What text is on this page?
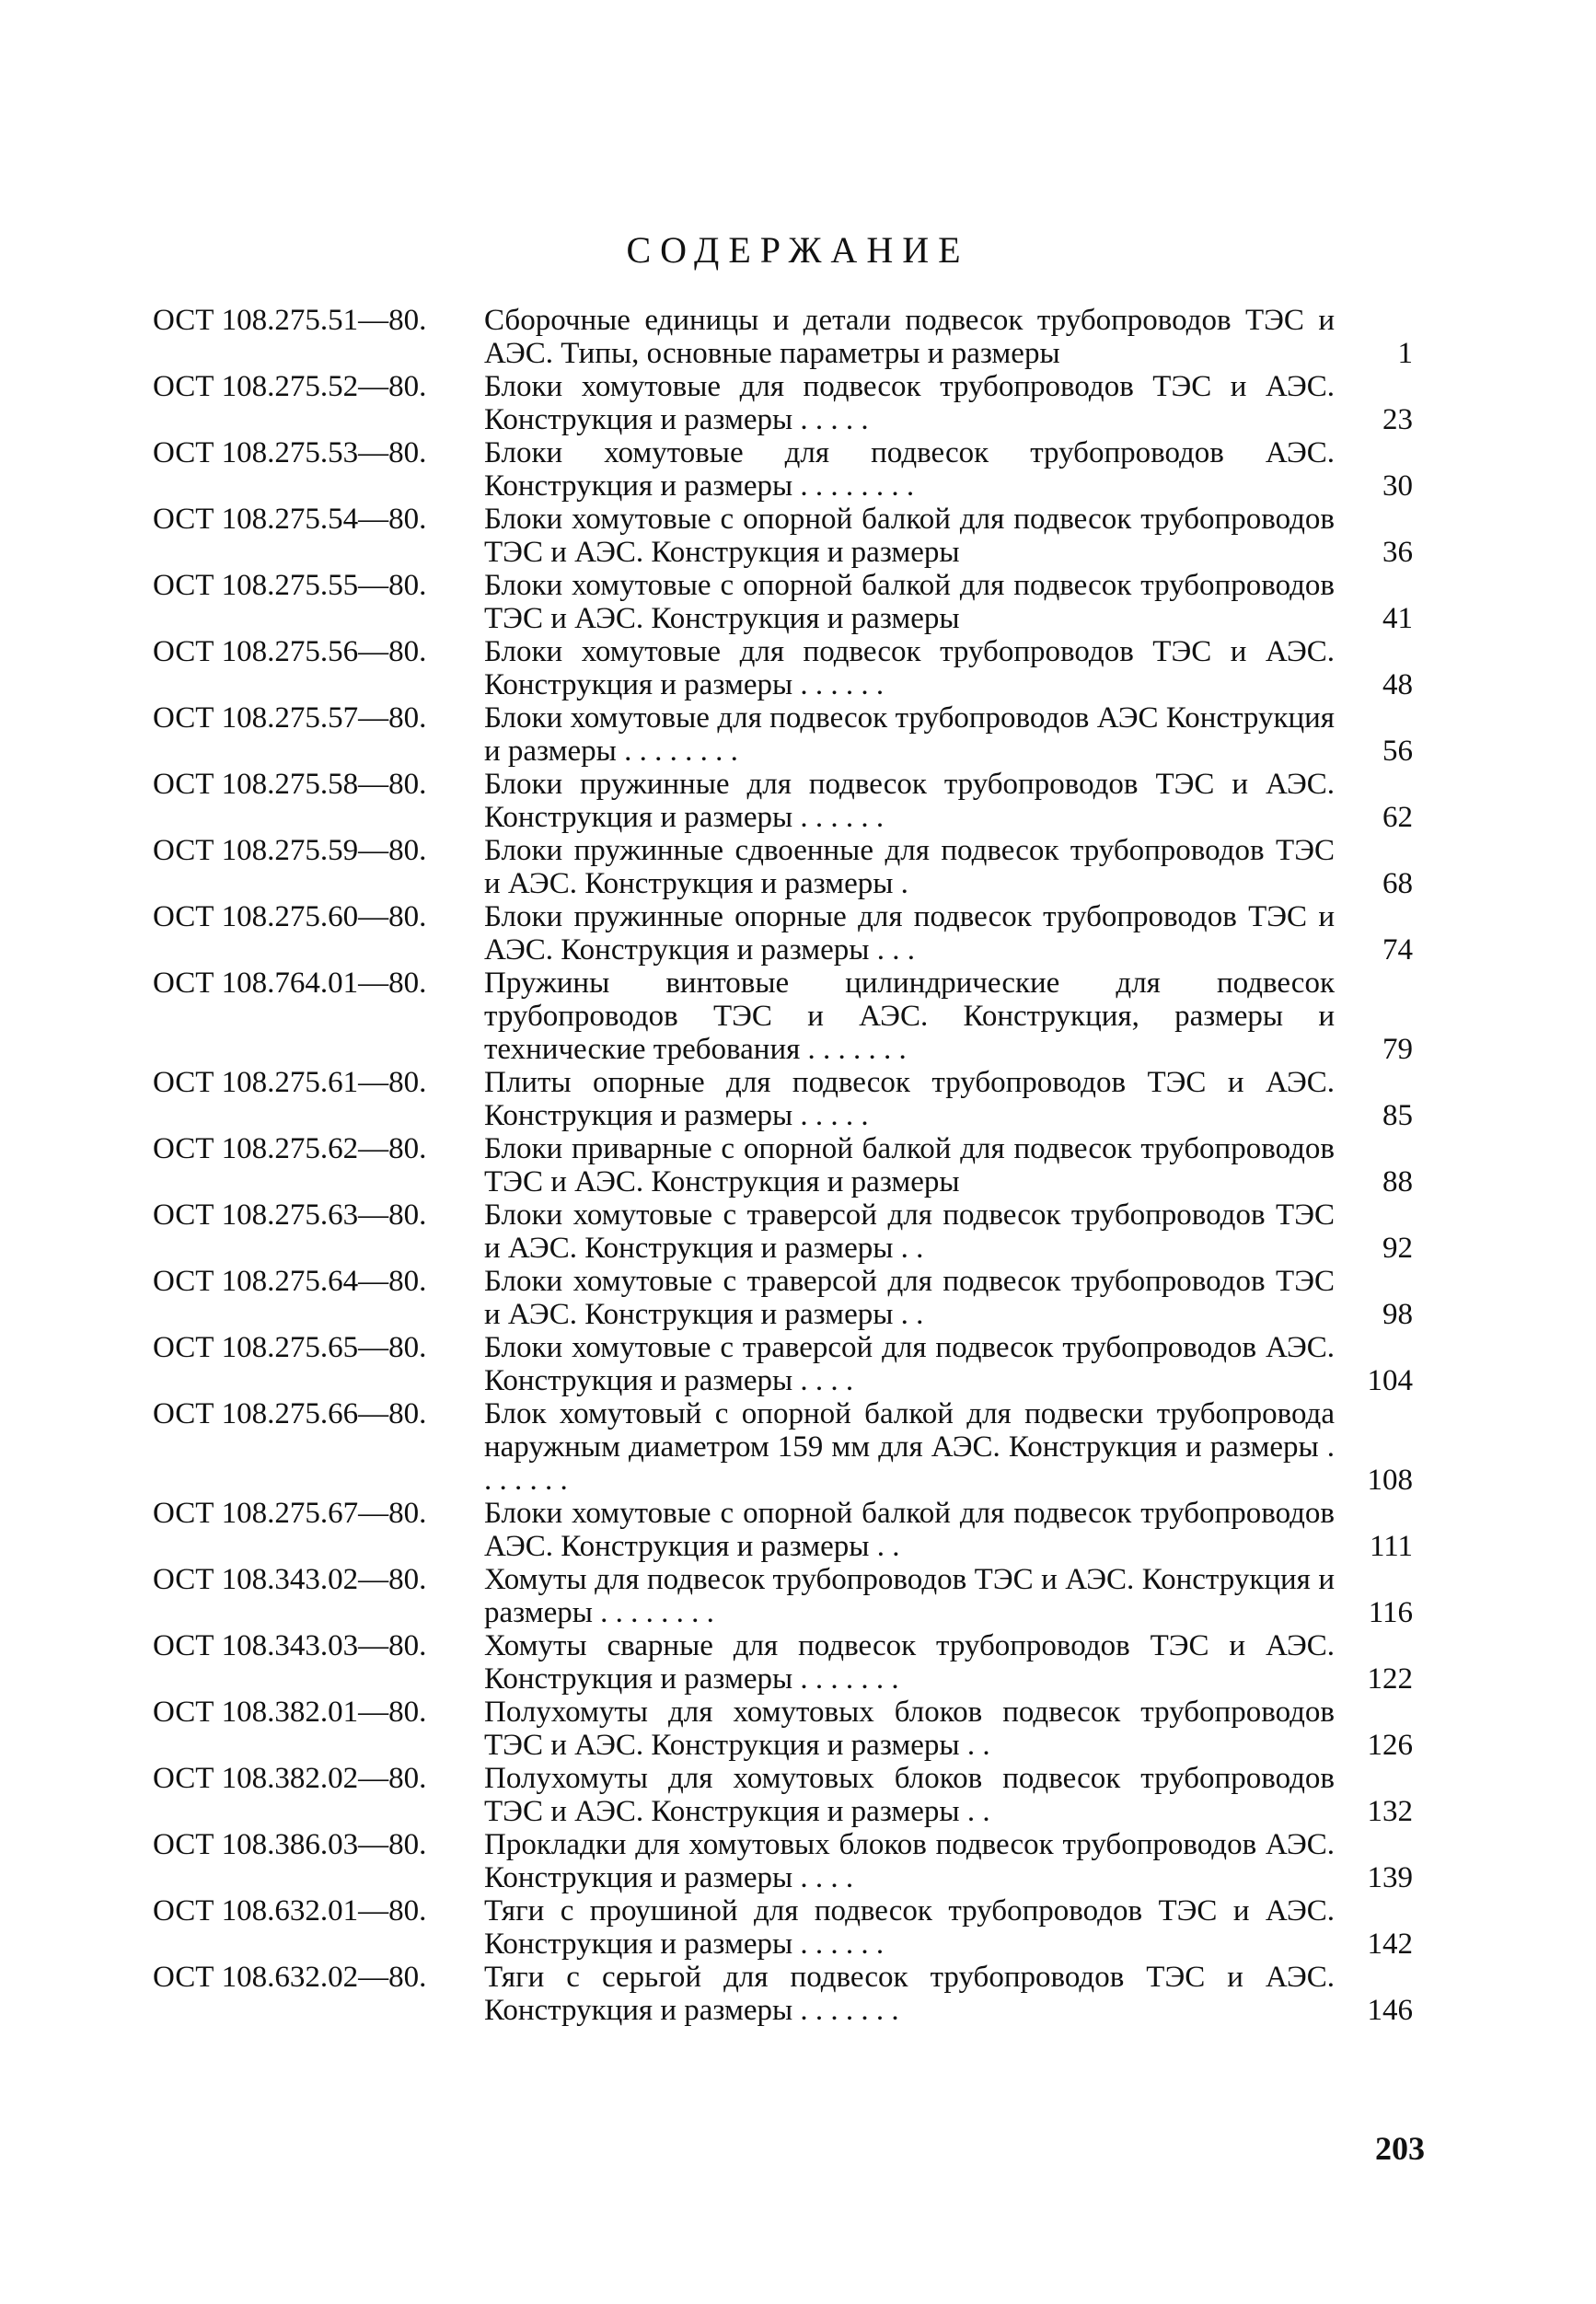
СОДЕРЖАНИЕ
ОСТ 108.275.51—80. Сборочные единицы и детали подвесок трубопроводов ТЭС и АЭС. Типы, основные параметры и размеры	1
ОСТ 108.275.52—80. Блоки хомутовые для подвесок трубопроводов ТЭС и АЭС. Конструкция и размеры . . . . .	23
ОСТ 108.275.53—80. Блоки хомутовые для подвесок трубопроводов АЭС. Конструкция и размеры . . . . . . . .	30
ОСТ 108.275.54—80. Блоки хомутовые с опорной балкой для подвесок трубопроводов ТЭС и АЭС. Конструкция и размеры	36
ОСТ 108.275.55—80. Блоки хомутовые с опорной балкой для подвесок трубопроводов ТЭС и АЭС. Конструкция и размеры	41
ОСТ 108.275.56—80. Блоки хомутовые для подвесок трубопроводов ТЭС и АЭС. Конструкция и размеры . . . . . .	48
ОСТ 108.275.57—80. Блоки хомутовые для подвесок трубопроводов АЭС Конструкция и размеры . . . . . . . .	56
ОСТ 108.275.58—80. Блоки пружинные для подвесок трубопроводов ТЭС и АЭС. Конструкция и размеры . . . . . .	62
ОСТ 108.275.59—80. Блоки пружинные сдвоенные для подвесок трубопроводов ТЭС и АЭС. Конструкция и размеры .	68
ОСТ 108.275.60—80. Блоки пружинные опорные для подвесок трубопроводов ТЭС и АЭС. Конструкция и размеры . . .	74
ОСТ 108.764.01—80. Пружины винтовые цилиндрические для подвесок трубопроводов ТЭС и АЭС. Конструкция, размеры и технические требования . . . . . . .	79
ОСТ 108.275.61—80. Плиты опорные для подвесок трубопроводов ТЭС и АЭС. Конструкция и размеры . . . . .	85
ОСТ 108.275.62—80. Блоки приварные с опорной балкой для подвесок трубопроводов ТЭС и АЭС. Конструкция и размеры	88
ОСТ 108.275.63—80. Блоки хомутовые с траверсой для подвесок трубопроводов ТЭС и АЭС. Конструкция и размеры . .	92
ОСТ 108.275.64—80. Блоки хомутовые с траверсой для подвесок трубопроводов ТЭС и АЭС. Конструкция и размеры . .	98
ОСТ 108.275.65—80. Блоки хомутовые с траверсой для подвесок трубопроводов АЭС. Конструкция и размеры . . . .	104
ОСТ 108.275.66—80. Блок хомутовый с опорной балкой для подвески трубопровода наружным диаметром 159 мм для АЭС. Конструкция и размеры . . . . . . .	108
ОСТ 108.275.67—80. Блоки хомутовые с опорной балкой для подвесок трубопроводов АЭС. Конструкция и размеры . .	111
ОСТ 108.343.02—80. Хомуты для подвесок трубопроводов ТЭС и АЭС. Конструкция и размеры . . . . . . . .	116
ОСТ 108.343.03—80. Хомуты сварные для подвесок трубопроводов ТЭС и АЭС. Конструкция и размеры . . . . . . .	122
ОСТ 108.382.01—80. Полухомуты для хомутовых блоков подвесок трубопроводов ТЭС и АЭС. Конструкция и размеры . .	126
ОСТ 108.382.02—80. Полухомуты для хомутовых блоков подвесок трубопроводов ТЭС и АЭС. Конструкция и размеры . .	132
ОСТ 108.386.03—80. Прокладки для хомутовых блоков подвесок трубопроводов АЭС. Конструкция и размеры . . . .	139
ОСТ 108.632.01—80. Тяги с проушиной для подвесок трубопроводов ТЭС и АЭС. Конструкция и размеры . . . . . .	142
ОСТ 108.632.02—80. Тяги с серьгой для подвесок трубопроводов ТЭС и АЭС. Конструкция и размеры . . . . . . .	146
203
